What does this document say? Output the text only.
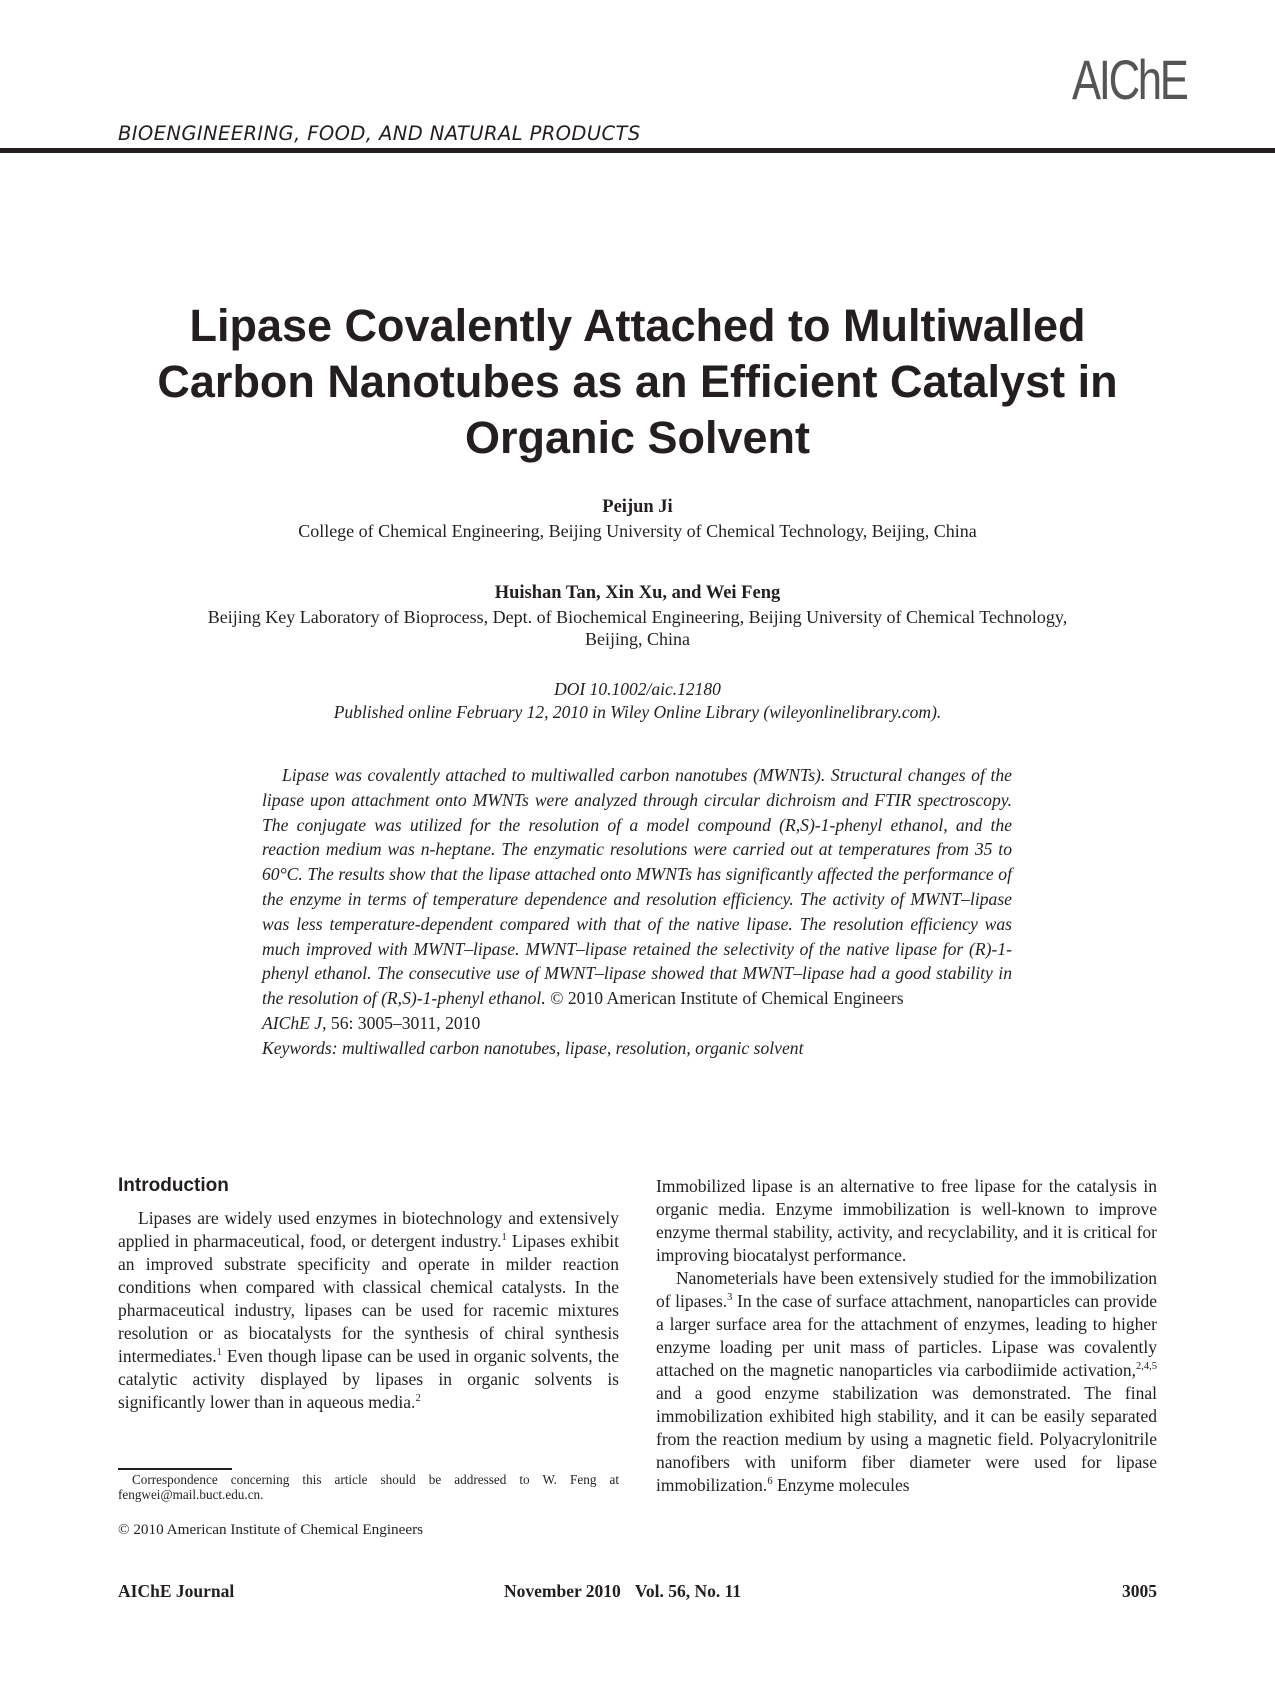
AIChE
BIOENGINEERING, FOOD, AND NATURAL PRODUCTS
Lipase Covalently Attached to Multiwalled
Carbon Nanotubes as an Efficient Catalyst in
Organic Solvent
Peijun Ji
College of Chemical Engineering, Beijing University of Chemical Technology, Beijing, China
Huishan Tan, Xin Xu, and Wei Feng
Beijing Key Laboratory of Bioprocess, Dept. of Biochemical Engineering, Beijing University of Chemical Technology, Beijing, China
DOI 10.1002/aic.12180
Published online February 12, 2010 in Wiley Online Library (wileyonlinelibrary.com).

Lipase was covalently attached to multiwalled carbon nanotubes (MWNTs). Structural changes of the lipase upon attachment onto MWNTs were analyzed through circular dichroism and FTIR spectroscopy. The conjugate was utilized for the resolution of a model compound (R,S)-1-phenyl ethanol, and the reaction medium was n-heptane. The enzymatic resolutions were carried out at temperatures from 35 to 60°C. The results show that the lipase attached onto MWNTs has significantly affected the performance of the enzyme in terms of temperature dependence and resolution efficiency. The activity of MWNT–lipase was less temperature-dependent compared with that of the native lipase. The resolution efficiency was much improved with MWNT–lipase. MWNT–lipase retained the selectivity of the native lipase for (R)-1-phenyl ethanol. The consecutive use of MWNT–lipase showed that MWNT–lipase had a good stability in the resolution of (R,S)-1-phenyl ethanol. © 2010 American Institute of Chemical Engineers

AIChE J, 56: 3005–3011, 2010
Keywords: multiwalled carbon nanotubes, lipase, resolution, organic solvent
Introduction

Lipases are widely used enzymes in biotechnology and extensively applied in pharmaceutical, food, or detergent industry.$^1$ Lipases exhibit an improved substrate specificity and operate in milder reaction conditions when compared with classical chemical catalysts. In the pharmaceutical industry, lipases can be used for racemic mixtures resolution or as biocatalysts for the synthesis of chiral synthesis intermediates.$^1$ Even though lipase can be used in organic solvents, the catalytic activity displayed by lipases in organic solvents is significantly lower than in aqueous media.$^2$

Correspondence concerning this article should be addressed to W. Feng at fengwei@mail.buct.edu.cn.
© 2010 American Institute of Chemical Engineers

Immobilized lipase is an alternative to free lipase for the catalysis in organic media. Enzyme immobilization is well-known to improve enzyme thermal stability, activity, and recyclability, and it is critical for improving biocatalyst performance.

Nanometerials have been extensively studied for the immobilization of lipases.$^3$ In the case of surface attachment, nanoparticles can provide a larger surface area for the attachment of enzymes, leading to higher enzyme loading per unit mass of particles. Lipase was covalently attached on the magnetic nanoparticles via carbodiimide activation,$^{2,4,5}$ and a good enzyme stabilization was demonstrated. The final immobilization exhibited high stability, and it can be easily separated from the reaction medium by using a magnetic field. Polyacrylonitrile nanofibers with uniform fiber diameter were used for lipase immobilization.$^6$ Enzyme molecules

AIChE Journal	November 2010 Vol. 56, No. 11	3005
